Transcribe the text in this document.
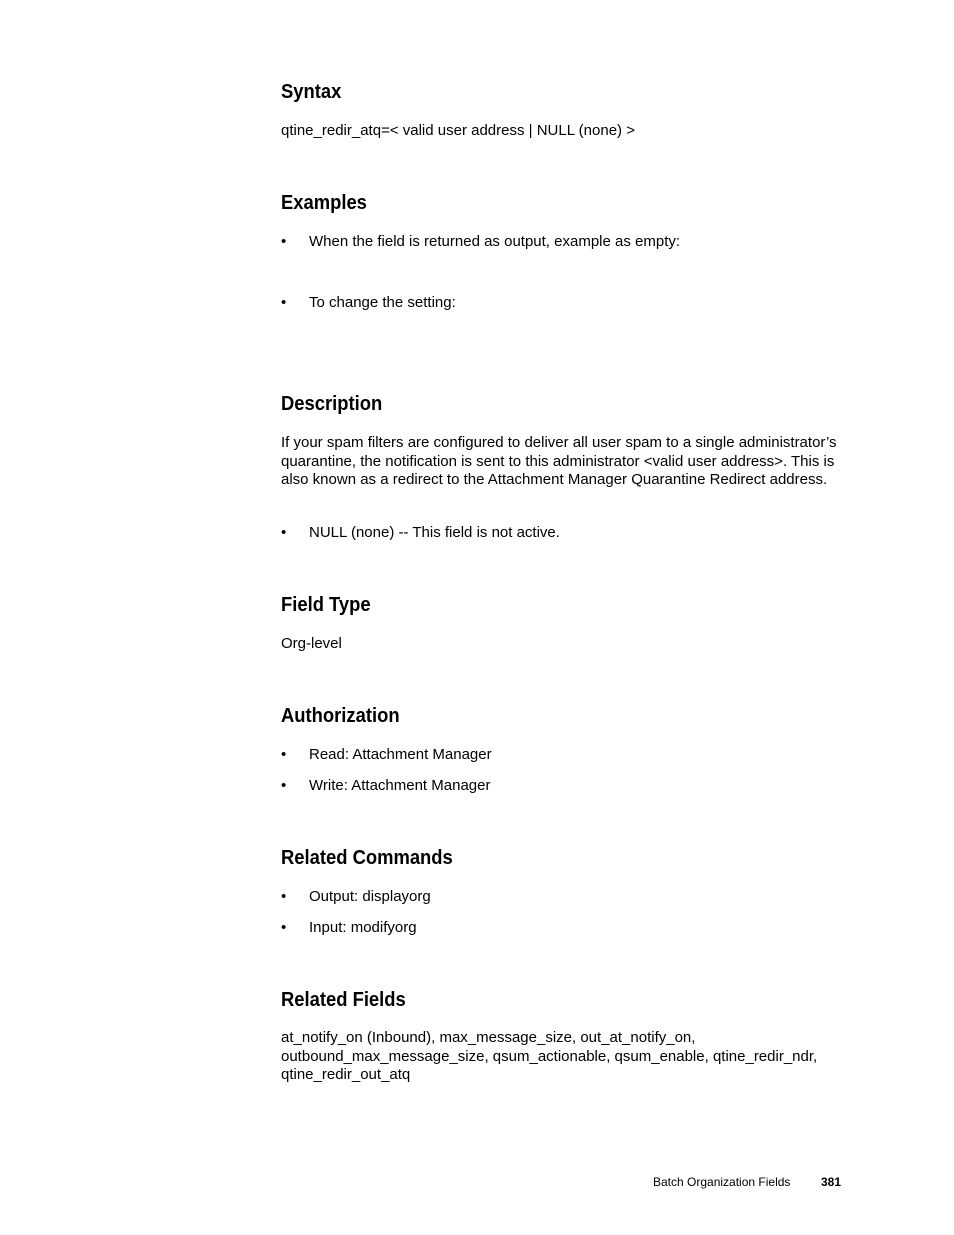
Syntax

qtine_redir_atq=< valid user address | NULL (none) >

Examples

• When the field is returned as output, example as empty:

• To change the setting:

Description

If your spam filters are configured to deliver all user spam to a single administrator’s quarantine, the notification is sent to this administrator <valid user address>. This is also known as a redirect to the Attachment Manager Quarantine Redirect address.

• NULL (none) -- This field is not active.

Field Type

Org-level

Authorization

• Read: Attachment Manager

• Write: Attachment Manager

Related Commands

• Output: displayorg

• Input: modifyorg

Related Fields

at_notify_on (Inbound), max_message_size, out_at_notify_on, outbound_max_message_size, qsum_actionable, qsum_enable, qtine_redir_ndr, qtine_redir_out_atq

Batch Organization Fields	381
